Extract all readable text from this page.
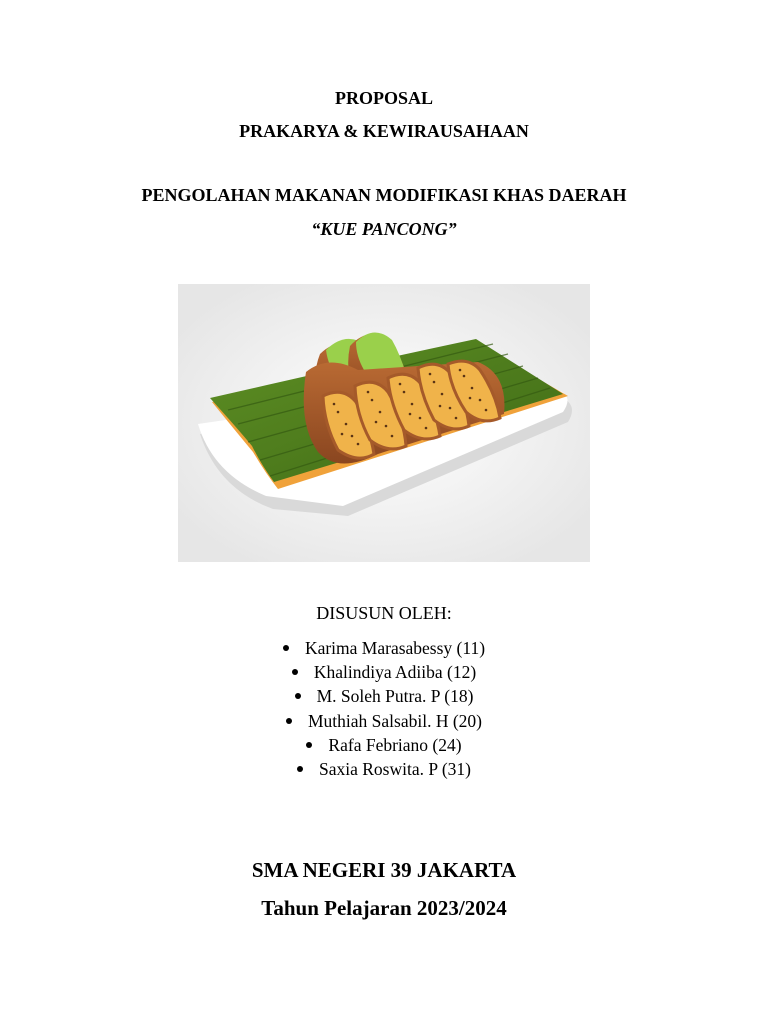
PROPOSAL
PRAKARYA & KEWIRAUSAHAAN
PENGOLAHAN MAKANAN MODIFIKASI KHAS DAERAH
“KUE PANCONG”
DISUSUN OLEH:
Karima Marasabessy (11)
Khalindiya Adiiba (12)
M. Soleh Putra. P (18)
Muthiah Salsabil. H (20)
Rafa Febriano (24)
Saxia Roswita. P (31)
SMA NEGERI 39 JAKARTA
Tahun Pelajaran 2023/2024
